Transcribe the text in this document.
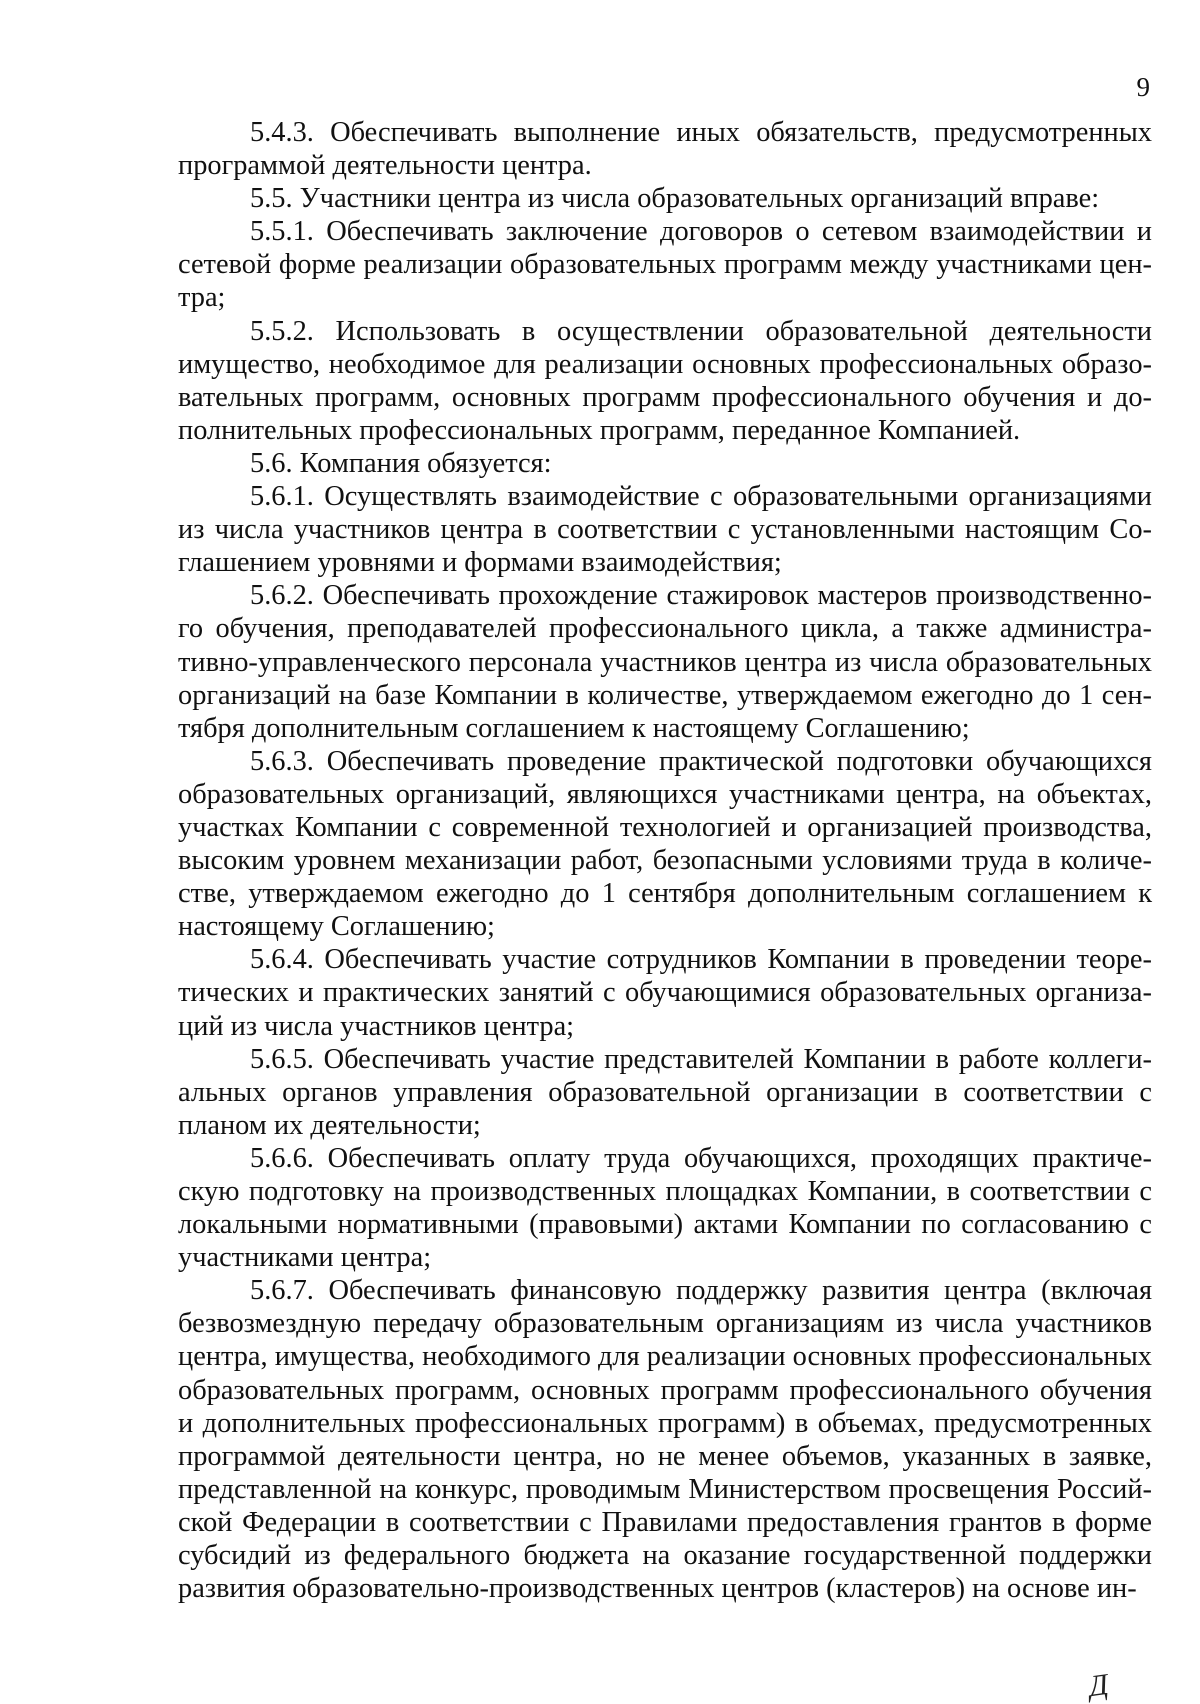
9

5.4.3. Обеспечивать выполнение иных обязательств, предусмотренных программой деятельности центра.

5.5. Участники центра из числа образовательных организаций вправе:

5.5.1. Обеспечивать заключение договоров о сетевом взаимодействии и сетевой форме реализации образовательных программ между участниками центра;

5.5.2. Использовать в осуществлении образовательной деятельности имущество, необходимое для реализации основных профессиональных образовательных программ, основных программ профессионального обучения и дополнительных профессиональных программ, переданное Компанией.

5.6. Компания обязуется:

5.6.1. Осуществлять взаимодействие с образовательными организациями из числа участников центра в соответствии с установленными настоящим Соглашением уровнями и формами взаимодействия;

5.6.2. Обеспечивать прохождение стажировок мастеров производственного обучения, преподавателей профессионального цикла, а также административно-управленческого персонала участников центра из числа образовательных организаций на базе Компании в количестве, утверждаемом ежегодно до 1 сентября дополнительным соглашением к настоящему Соглашению;

5.6.3. Обеспечивать проведение практической подготовки обучающихся образовательных организаций, являющихся участниками центра, на объектах, участках Компании с современной технологией и организацией производства, высоким уровнем механизации работ, безопасными условиями труда в количестве, утверждаемом ежегодно до 1 сентября дополнительным соглашением к настоящему Соглашению;

5.6.4. Обеспечивать участие сотрудников Компании в проведении теоретических и практических занятий с обучающимися образовательных организаций из числа участников центра;

5.6.5. Обеспечивать участие представителей Компании в работе коллегиальных органов управления образовательной организации в соответствии с планом их деятельности;

5.6.6. Обеспечивать оплату труда обучающихся, проходящих практическую подготовку на производственных площадках Компании, в соответствии с локальными нормативными (правовыми) актами Компании по согласованию с участниками центра;

5.6.7. Обеспечивать финансовую поддержку развития центра (включая безвозмездную передачу образовательным организациям из числа участников центра, имущества, необходимого для реализации основных профессиональных образовательных программ, основных программ профессионального обучения и дополнительных профессиональных программ) в объемах, предусмотренных программой деятельности центра, но не менее объемов, указанных в заявке, представленной на конкурс, проводимым Министерством просвещения Российской Федерации в соответствии с Правилами предоставления грантов в форме субсидий из федерального бюджета на оказание государственной поддержки развития образовательно-производственных центров (кластеров) на основе ин-

Д
